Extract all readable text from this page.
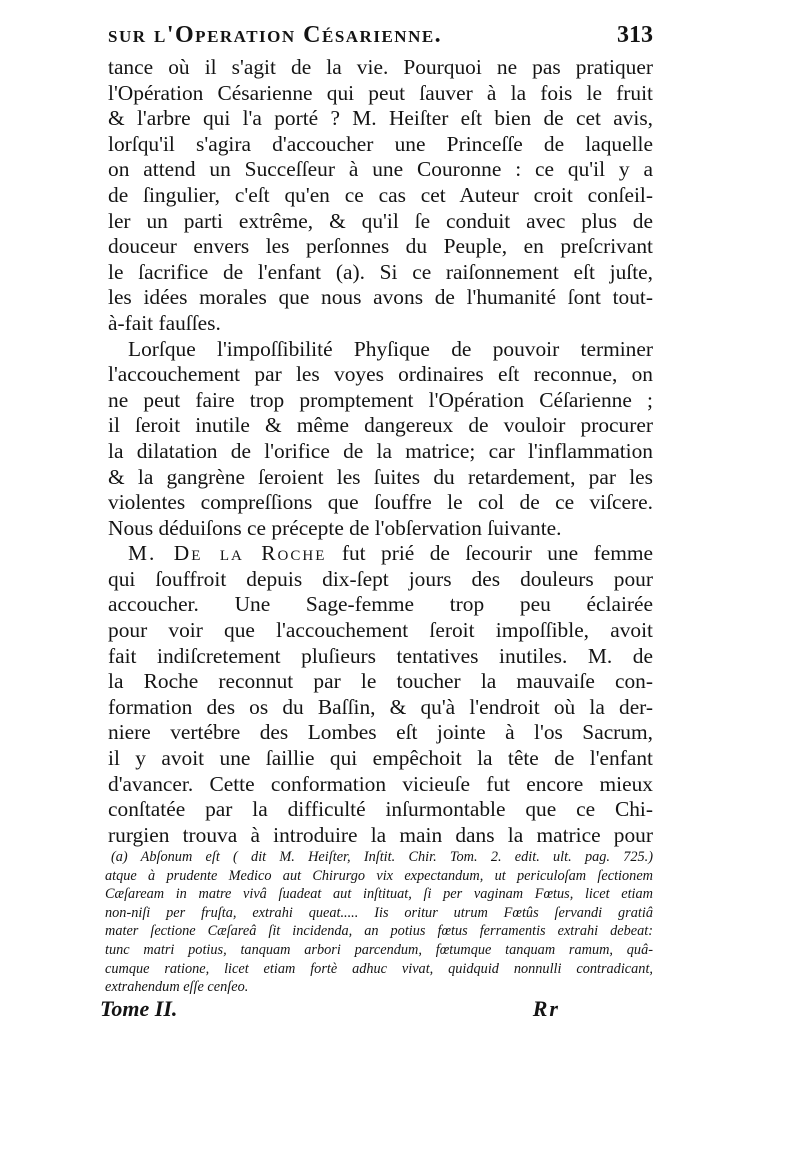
sur l'Operation Césarienne.	313
tance où il s'agit de la vie. Pourquoi ne pas pratiquer
l'Opération Césarienne qui peut ſauver à la fois le fruit
& l'arbre qui l'a porté ? M. Heiſter eſt bien de cet avis,
lorſqu'il s'agira d'accoucher une Princeſſe de laquelle
on attend un Succeſſeur à une Couronne : ce qu'il y a
de ſingulier, c'eſt qu'en ce cas cet Auteur croit conſeil-
ler un parti extrême, & qu'il ſe conduit avec plus de
douceur envers les perſonnes du Peuple, en preſcrivant
le ſacrifice de l'enfant (a). Si ce raiſonnement eſt juſte,
les idées morales que nous avons de l'humanité ſont tout-
à-fait fauſſes.
Lorſque l'impoſſibilité Phyſique de pouvoir terminer
l'accouchement par les voyes ordinaires eſt reconnue, on
ne peut faire trop promptement l'Opération Céſarienne ;
il ſeroit inutile & même dangereux de vouloir procurer
la dilatation de l'orifice de la matrice; car l'inflammation
& la gangrène ſeroient les ſuites du retardement, par les
violentes compreſſions que ſouffre le col de ce viſcere.
Nous déduiſons ce précepte de l'obſervation ſuivante.
M. De la Roche fut prié de ſecourir une femme
qui ſouffroit depuis dix-ſept jours des douleurs pour
accoucher. Une Sage-femme trop peu éclairée
pour voir que l'accouchement ſeroit impoſſible, avoit
fait indiſcretement pluſieurs tentatives inutiles. M. de
la Roche reconnut par le toucher la mauvaiſe con-
formation des os du Baſſin, & qu'à l'endroit où la der-
niere vertébre des Lombes eſt jointe à l'os Sacrum,
il y avoit une ſaillie qui empêchoit la tête de l'enfant
d'avancer. Cette conformation vicieuſe fut encore mieux
conſtatée par la difficulté inſurmontable que ce Chi-
rurgien trouva à introduire la main dans la matrice pour
(a) Abſonum eſt ( dit M. Heiſter, Inſtit. Chir. Tom. 2. edit. ult. pag. 725.)
atque à prudente Medico aut Chirurgo vix expectandum, ut periculoſam ſectionem
Cæſaream in matre vivâ ſuadeat aut inſtituat, ſi per vaginam Fœtus, licet etiam
non-niſi per fruſta, extrahi queat..... Iis oritur utrum Fœtûs ſervandi gratiâ
mater ſectione Cæſareâ ſit incidenda, an potius fœtus ferramentis extrahi debeat:
tunc matri potius, tanquam arbori parcendum, fœtumque tanquam ramum, quâ-
cumque ratione, licet etiam fortè adhuc vivat, quidquid nonnulli contradicant,
extrahendum eſſe cenſeo.
Tome II.	Rr
